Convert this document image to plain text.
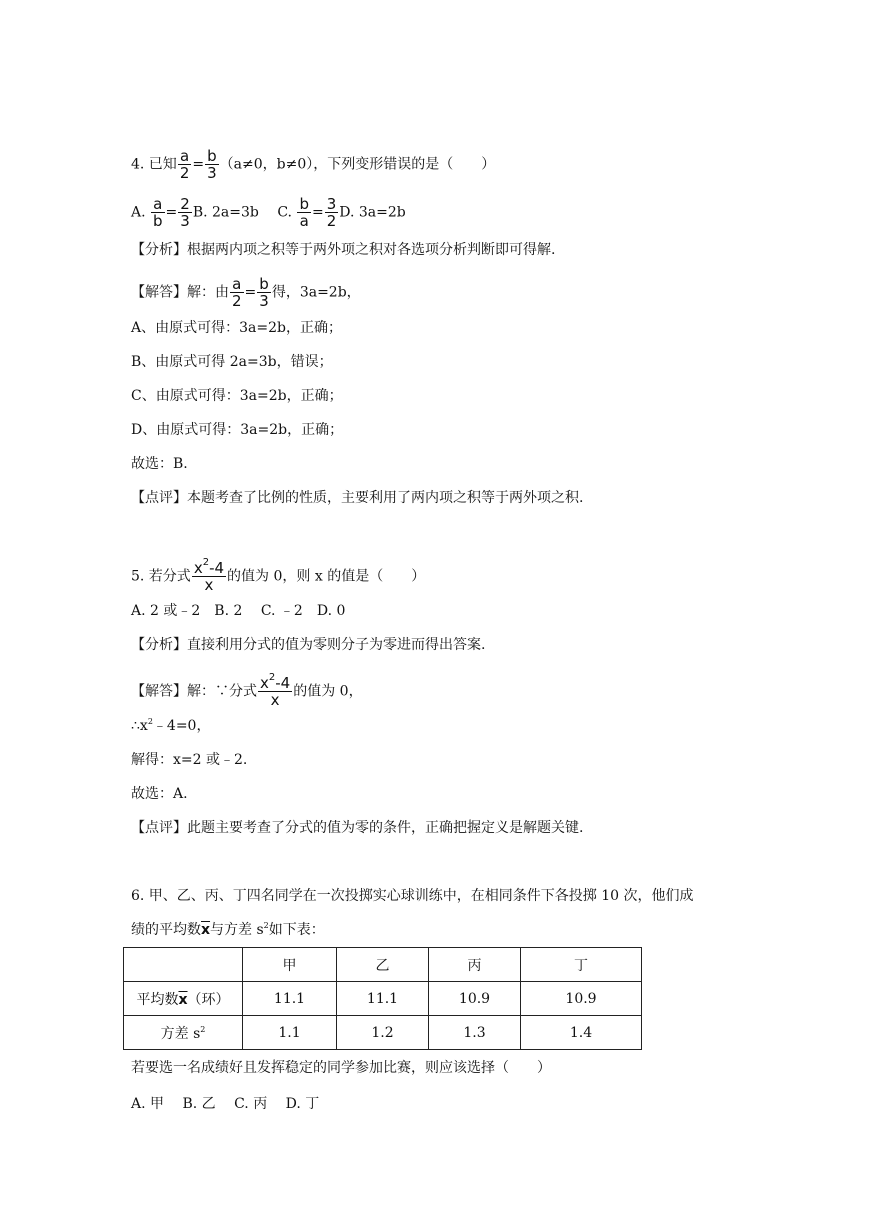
4. 已知 $\frac{a}{2} = \frac{b}{3} (a\ne 0$，b≠0），下列变形错误的是（　　）
A. $\frac{a}{b} = \frac{2}{3} B$. 2a=3b　 C. $\frac{b}{a} = \frac{3}{2} D$. 3a=2b
【分析】根据两内项之积等于两外项之积对各选项分析判断即可得解.
【解答】解：由 $\frac{a}{2} = \frac{b}{3}$ 得，3a=2b，
A、由原式可得：3a=2b，正确；
B、由原式可得 2a=3b，错误；
C、由原式可得：3a=2b，正确；
D、由原式可得：3a=2b，正确；
故选：B.
【点评】本题考查了比例的性质，主要利用了两内项之积等于两外项之积.
5. 若分式 $\frac{x^2-4}{x}$ 的值为 0，则 x 的值是（　　）
A. 2 或﹣2　B. 2　 C. ﹣2　D. 0
【分析】直接利用分式的值为零则分子为零进而得出答案.
【解答】解：∵分式 $\frac{x^2-4}{x}$ 的值为 0，
$\therefore x^2﹣4=0$，
解得：x=2 或﹣2.
故选：A.
【点评】此题主要考查了分式的值为零的条件，正确把握定义是解题关键.
6. 甲、乙、丙、丁四名同学在一次投掷实心球训练中，在相同条件下各投掷 10 次，他们成
绩的平均数$\overline{x}$与方差 $s^2$如下表：
	甲	乙	丙	丁
平均数$\overline{x}$（环）	11.1	11.1	10.9	10.9
方差 $s^2$	1.1	1.2	1.3	1.4
若要选一名成绩好且发挥稳定的同学参加比赛，则应该选择（　　）
A. 甲　 B. 乙　 C. 丙　 D. 丁
